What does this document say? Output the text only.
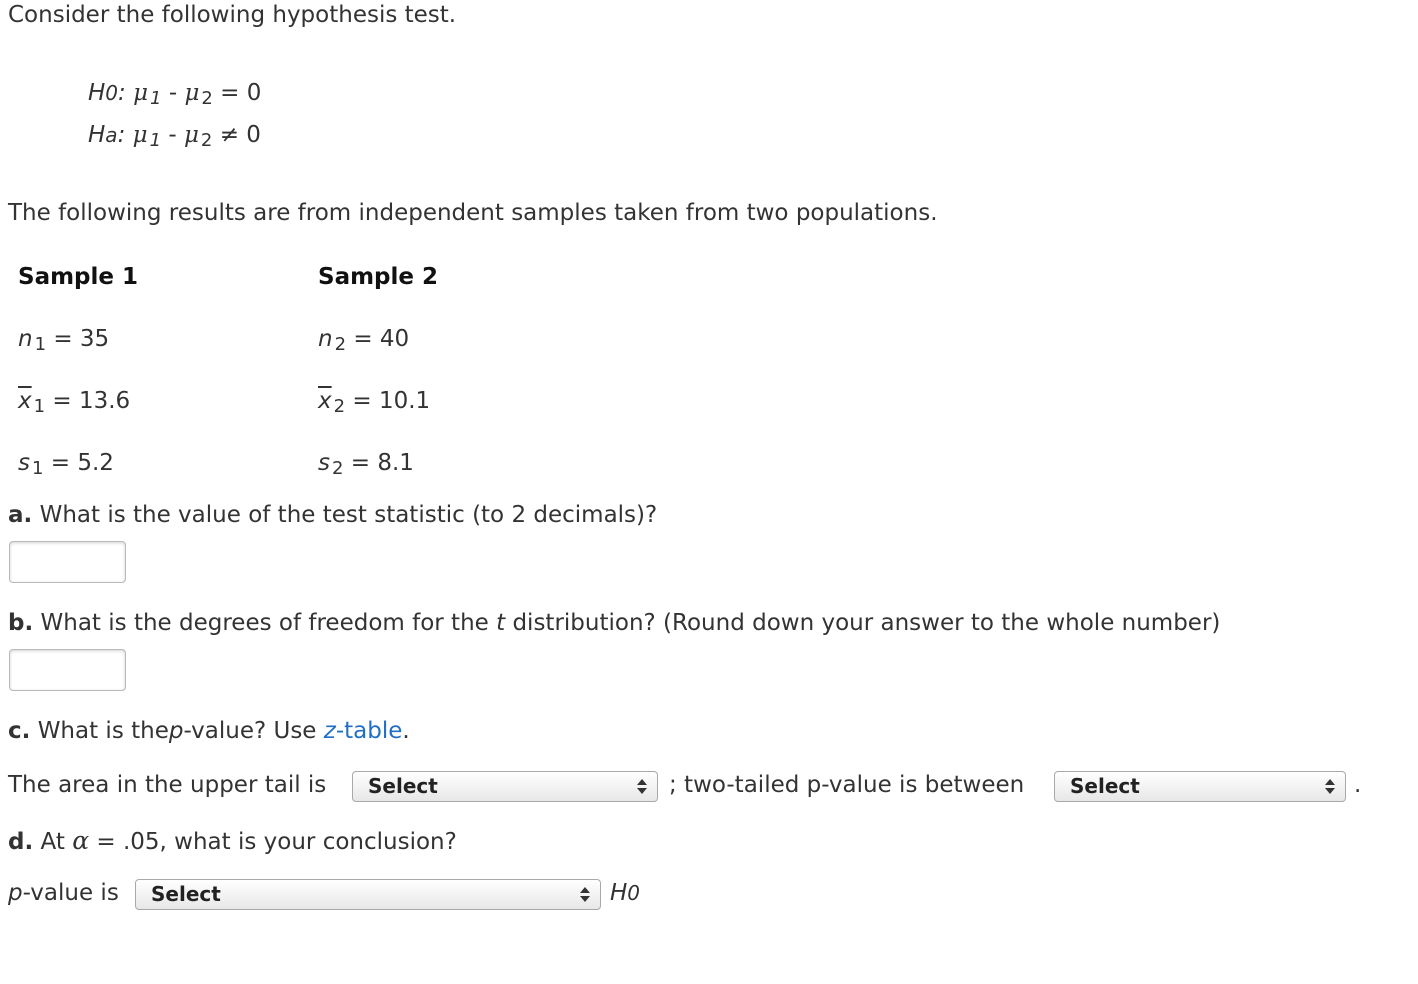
Consider the following hypothesis test.
H0: μ 1 - μ 2 = 0
Ha: μ 1 - μ 2 ≠ 0
The following results are from independent samples taken from two populations.
Sample 1	Sample 2
n 1 = 35	n 2 = 40
$\overline{x}$ 1 = 13.6	$\overline{x}$ 2 = 10.1
s 1 = 5.2	s 2 = 8.1
a. What is the value of the test statistic (to 2 decimals)?
b. What is the degrees of freedom for the t distribution? (Round down your answer to the whole number)
c. What is thep-value? Use z-table.
The area in the upper tail is	Select	; two-tailed p-value is between	Select	.
d. At α = .05, what is your conclusion?
p-value is	Select	H0
